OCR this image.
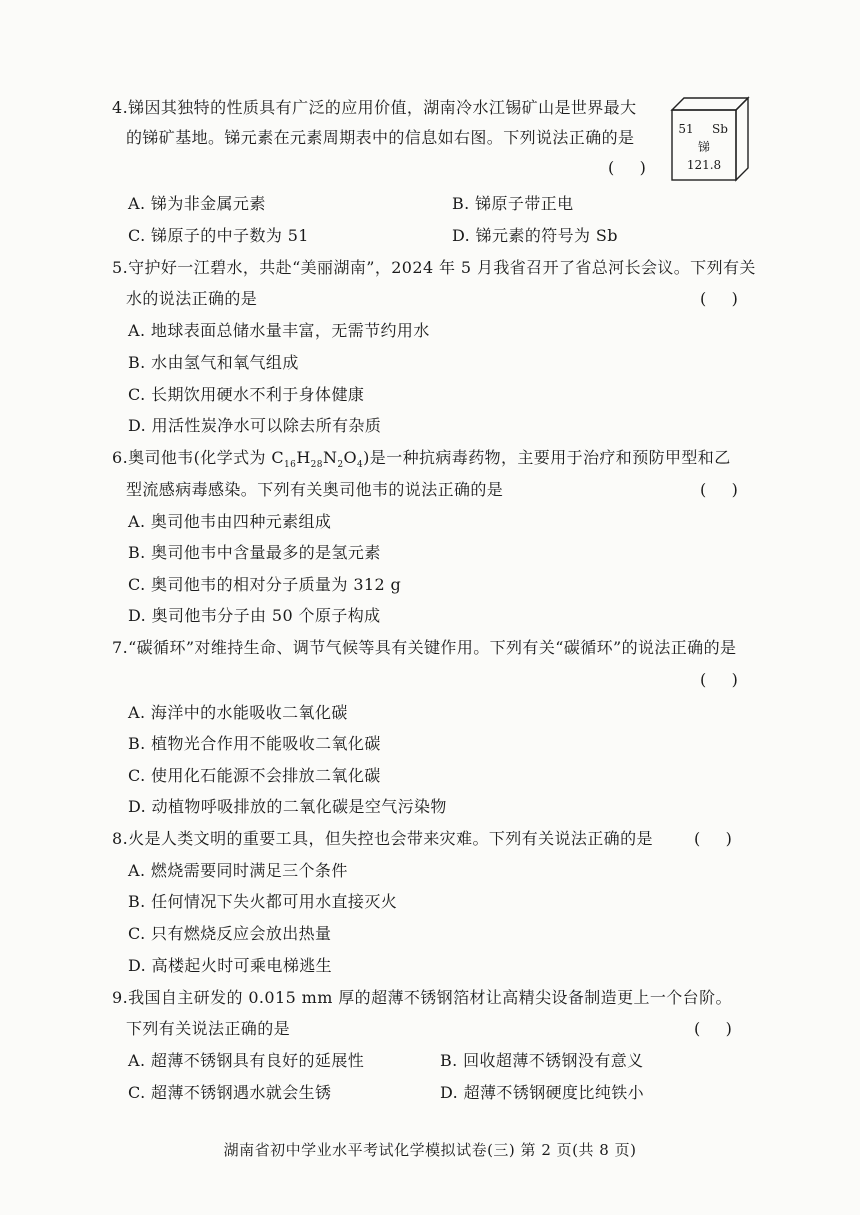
4.锑因其独特的性质具有广泛的应用价值，湖南冷水江锡矿山是世界最大
的锑矿基地。锑元素在元素周期表中的信息如右图。下列说法正确的是
(     )
51	Sb
锑
121.8
A. 锑为非金属元素	B. 锑原子带正电
C. 锑原子的中子数为 51	D. 锑元素的符号为 Sb
5.守护好一江碧水，共赴“美丽湖南”，2024 年 5 月我省召开了省总河长会议。下列有关
水的说法正确的是	(     )
A. 地球表面总储水量丰富，无需节约用水
B. 水由氢气和氧气组成
C. 长期饮用硬水不利于身体健康
D. 用活性炭净水可以除去所有杂质
6.奥司他韦(化学式为 $C_{16}H_{28}N_2O_4$)是一种抗病毒药物，主要用于治疗和预防甲型和乙
型流感病毒感染。下列有关奥司他韦的说法正确的是	(     )
A. 奥司他韦由四种元素组成
B. 奥司他韦中含量最多的是氢元素
C. 奥司他韦的相对分子质量为 312 g
D. 奥司他韦分子由 50 个原子构成
7.“碳循环”对维持生命、调节气候等具有关键作用。下列有关“碳循环”的说法正确的是
(     )
A. 海洋中的水能吸收二氧化碳
B. 植物光合作用不能吸收二氧化碳
C. 使用化石能源不会排放二氧化碳
D. 动植物呼吸排放的二氧化碳是空气污染物
8.火是人类文明的重要工具，但失控也会带来灾难。下列有关说法正确的是	(     )
A. 燃烧需要同时满足三个条件
B. 任何情况下失火都可用水直接灭火
C. 只有燃烧反应会放出热量
D. 高楼起火时可乘电梯逃生
9.我国自主研发的 0.015 mm 厚的超薄不锈钢箔材让高精尖设备制造更上一个台阶。
下列有关说法正确的是	(     )
A. 超薄不锈钢具有良好的延展性	B. 回收超薄不锈钢没有意义
C. 超薄不锈钢遇水就会生锈	D. 超薄不锈钢硬度比纯铁小
湖南省初中学业水平考试化学模拟试卷(三) 第 2 页(共 8 页)
